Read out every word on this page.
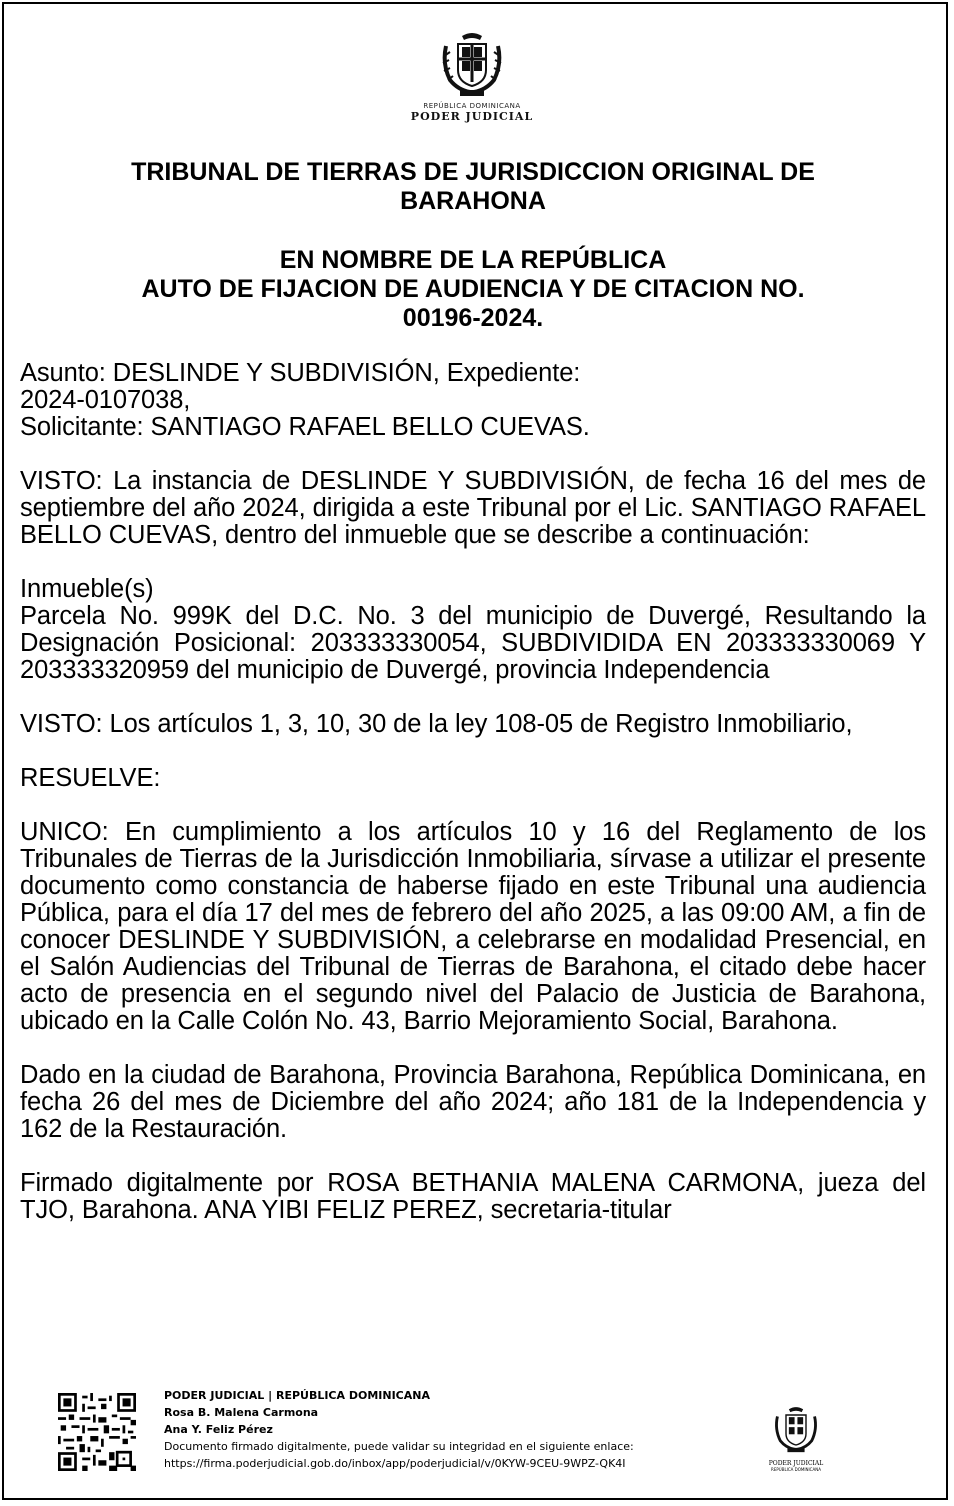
REPÚBLICA DOMINICANA
PODER JUDICIAL
TRIBUNAL DE TIERRAS DE JURISDICCION ORIGINAL DE
BARAHONA
EN NOMBRE DE LA REPÚBLICA
AUTO DE FIJACION DE AUDIENCIA Y DE CITACION NO.
00196-2024.

Asunto: DESLINDE Y SUBDIVISIÓN, Expediente:
2024-0107038,
Solicitante: SANTIAGO RAFAEL BELLO CUEVAS.

VISTO: La instancia de DESLINDE Y SUBDIVISIÓN, de fecha 16 del mes de septiembre del año 2024, dirigida a este Tribunal por el Lic. SANTIAGO RAFAEL BELLO CUEVAS, dentro del inmueble que se describe a continuación:

Inmueble(s)
Parcela No. 999K del D.C. No. 3 del municipio de Duvergé, Resultando la Designación Posicional: 203333330054, SUBDIVIDIDA EN 203333330069 Y 203333320959 del municipio de Duvergé, provincia Independencia

VISTO: Los artículos 1, 3, 10, 30 de la ley 108-05 de Registro Inmobiliario,

RESUELVE:

UNICO: En cumplimiento a los artículos 10 y 16 del Reglamento de los Tribunales de Tierras de la Jurisdicción Inmobiliaria, sírvase a utilizar el presente documento como constancia de haberse fijado en este Tribunal una audiencia Pública, para el día 17 del mes de febrero del año 2025, a las 09:00 AM, a fin de conocer DESLINDE Y SUBDIVISIÓN, a celebrarse en modalidad Presencial, en el Salón Audiencias del Tribunal de Tierras de Barahona, el citado debe hacer acto de presencia en el segundo nivel del Palacio de Justicia de Barahona, ubicado en la Calle Colón No. 43, Barrio Mejoramiento Social, Barahona.

Dado en la ciudad de Barahona, Provincia Barahona, República Dominicana, en fecha 26 del mes de Diciembre del año 2024; año 181 de la Independencia y 162 de la Restauración.

Firmado digitalmente por ROSA BETHANIA MALENA CARMONA, jueza del TJO, Barahona. ANA YIBI FELIZ PEREZ, secretaria-titular

PODER JUDICIAL | REPÚBLICA DOMINICANA
Rosa B. Malena Carmona
Ana Y. Feliz Pérez
Documento firmado digitalmente, puede validar su integridad en el siguiente enlace:
https://firma.poderjudicial.gob.do/inbox/app/poderjudicial/v/0KYW-9CEU-9WPZ-QK4I	PODER JUDICIAL
REPÚBLICA DOMINICANA
